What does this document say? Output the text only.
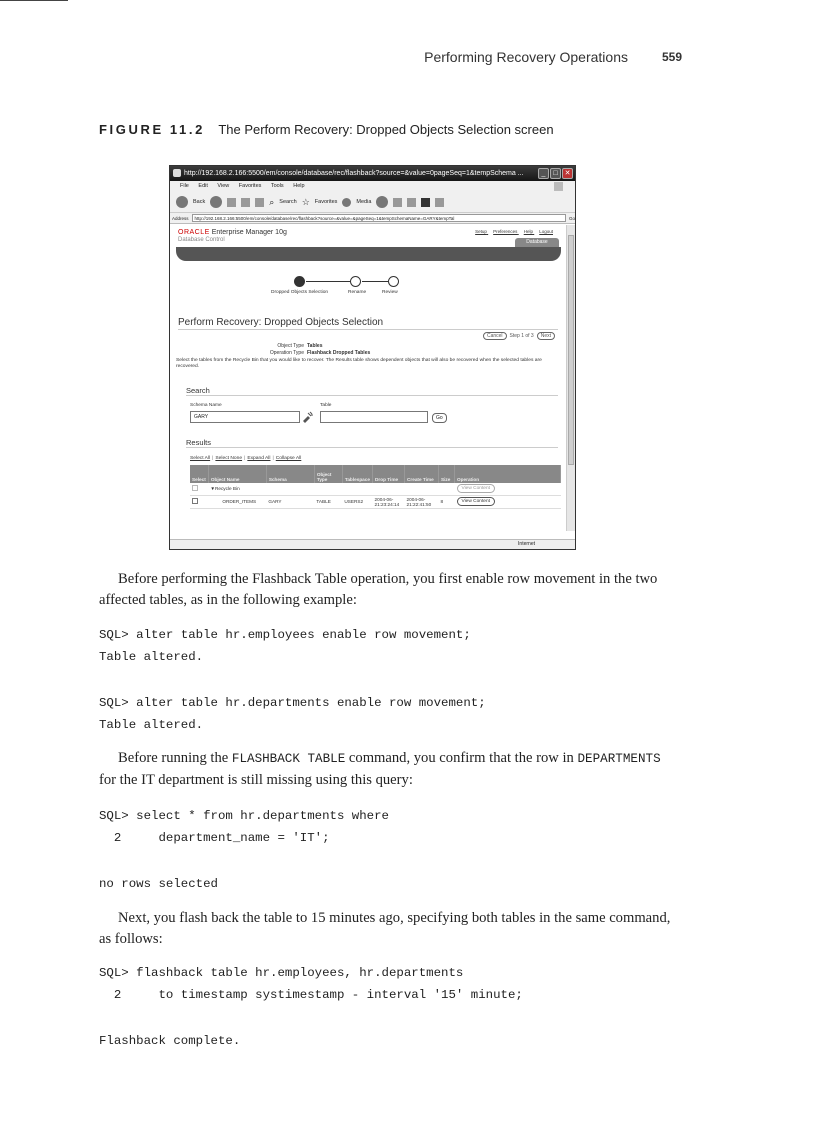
Performing Recovery Operations	559
FIGURE 11.2 The Perform Recovery: Dropped Objects Selection screen
http://192.168.2.166:5500/em/console/database/rec/flashback?source=&value=0pageSeq=1&tempSchema ...	_	□ ✕
File Edit View Favorites Tools Help
Back	⌕ Search ☆ Favorites	Media
Address	http://192.168.2.166:5500/em/console/database/rec/flashback?source=&value=&pageSeq=1&tempSchemaName=GARY&tempTal	Go
ORACLE Enterprise Manager 10g
Database Control
Setup Preferences Help Logout
Database
Dropped Objects Selection	Rename	Review
Perform Recovery: Dropped Objects Selection
Cancel	Step 1 of 3	Next
Object Type Tables
Operation Type Flashback Dropped Tables
Select the tables from the Recycle Bin that you would like to recover. The Results table shows dependent objects that will also be recovered when the selected tables are recovered.
Search
Schema Name
GARY
Table
Go
Results
Select All | Select None | Expand All | Collapse All
Select	Object Name	Schema	Object Type	Tablespace	Drop Time	Create Time	Size	Operation
	▼Recycle Bin							View Content
	ORDER_ITEMS	GARY	TABLE	USERS2	2004-06-21:23:24:14	2004-06-21:22:41:50	8	View Content
Internet

Before performing the Flashback Table operation, you first enable row movement in the two affected tables, as in the following example:

SQL> alter table hr.employees enable row movement;
Table altered.
SQL> alter table hr.departments enable row movement;
Table altered.

Before running the FLASHBACK TABLE command, you confirm that the row in DEPARTMENTS for the IT department is still missing using this query:

SQL> select * from hr.departments where
2     department_name = 'IT';
no rows selected

Next, you flash back the table to 15 minutes ago, specifying both tables in the same command, as follows:

SQL> flashback table hr.employees, hr.departments
2     to timestamp systimestamp - interval '15' minute;
Flashback complete.
